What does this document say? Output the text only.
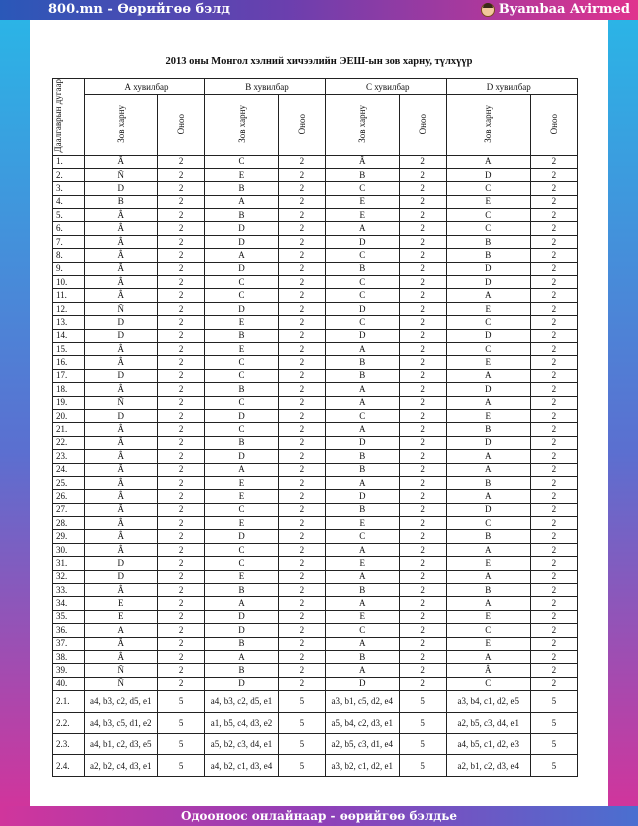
800.mn - Өөрийгөө бэлд	Byambaa Avirmed
2013 оны Монгол хэлний хичээлийн ЭЕШ-ын зов харну, түлхүүр
Даалгаврын дугаар	А хувилбар		В хувилбар		С хувилбар		D хувилбар	
	Зов харну	Оноо	Зов харну	Оноо	Зов харну	Оноо	Зов харну	Оноо
1.	Â	2	С	2	Â	2	А	2
2.	Ñ	2	Е	2	В	2	D	2
3.	D	2	В	2	С	2	С	2
4.	В	2	А	2	Е	2	Е	2
5.	Â	2	В	2	Е	2	С	2
6.	Â	2	D	2	А	2	С	2
7.	Â	2	D	2	D	2	В	2
8.	Â	2	А	2	С	2	В	2
9.	Â	2	D	2	В	2	D	2
10.	Â	2	С	2	С	2	D	2
11.	Â	2	С	2	С	2	А	2
12.	Ñ	2	D	2	D	2	Е	2
13.	D	2	Е	2	С	2	С	2
14.	D	2	В	2	D	2	D	2
15.	Â	2	Е	2	А	2	С	2
16.	Â	2	С	2	В	2	Е	2
17.	D	2	С	2	В	2	А	2
18.	Â	2	В	2	А	2	D	2
19.	Ñ	2	С	2	А	2	А	2
20.	D	2	D	2	С	2	Е	2
21.	Â	2	С	2	А	2	В	2
22.	Â	2	В	2	D	2	D	2
23.	Â	2	D	2	В	2	А	2
24.	Â	2	А	2	В	2	А	2
25.	Â	2	Е	2	А	2	В	2
26.	Â	2	Е	2	D	2	А	2
27.	Â	2	С	2	В	2	D	2
28.	Â	2	Е	2	Е	2	С	2
29.	Â	2	D	2	С	2	В	2
30.	Â	2	С	2	А	2	А	2
31.	D	2	С	2	Е	2	Е	2
32.	D	2	Е	2	А	2	А	2
33.	Â	2	В	2	В	2	В	2
34.	Е	2	А	2	А	2	А	2
35.	Е	2	D	2	Е	2	Е	2
36.	А	2	D	2	С	2	С	2
37.	Â	2	В	2	А	2	Е	2
38.	Â	2	А	2	В	2	А	2
39.	Ñ	2	В	2	А	2	Â	2
40.	Ñ	2	D	2	D	2	С	2
2.1.	a4, b3, c2, d5, e1	5	a4, b3, c2, d5, e1	5	a3, b1, c5, d2, e4	5	a3, b4, c1, d2, e5	5
2.2.	a4, b3, c5, d1, e2	5	a1, b5, c4, d3, e2	5	a5, b4, c2, d3, e1	5	a2, b5, c3, d4, e1	5
2.3.	a4, b1, c2, d3, e5	5	a5, b2, c3, d4, e1	5	a2, b5, c3, d1, e4	5	a4, b5, c1, d2, e3	5
2.4.	a2, b2, c4, d3, e1	5	a4, b2, c1, d3, e4	5	a3, b2, c1, d2, e1	5	a2, b1, c2, d3, e4	5
Одооноос онлайнаар - өөрийгөө бэлдье
